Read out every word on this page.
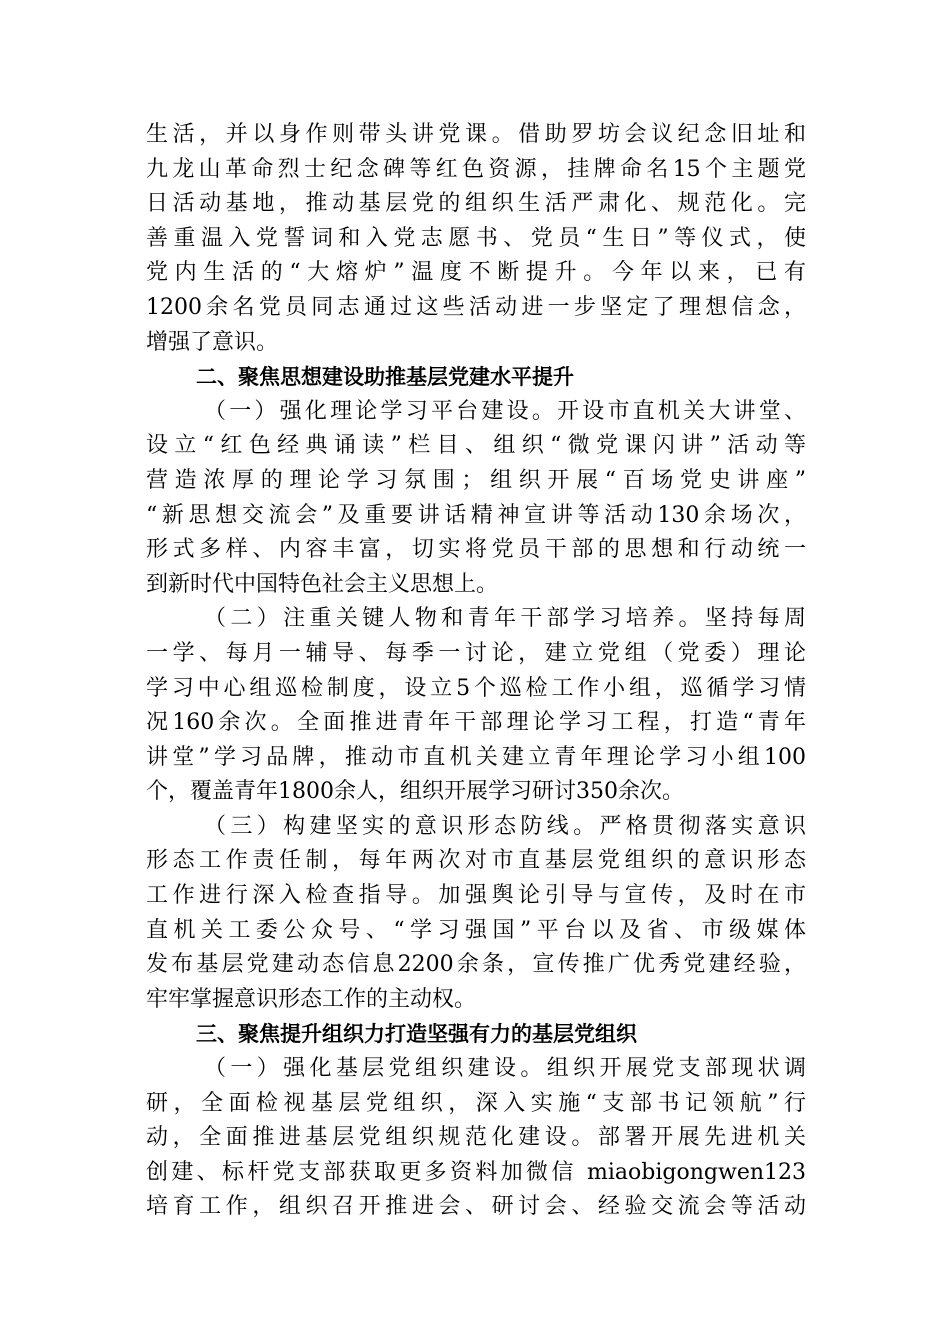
生活，并以身作则带头讲党课。借助罗坊会议纪念旧址和
九龙山革命烈士纪念碑等红色资源，挂牌命名15个主题党
日活动基地，推动基层党的组织生活严肃化、规范化。完
善重温入党誓词和入党志愿书、党员“生日”等仪式，使
党内生活的“大熔炉”温度不断提升。今年以来，已有
1200余名党员同志通过这些活动进一步坚定了理想信念，
增强了意识。
二、聚焦思想建设助推基层党建水平提升
（一）强化理论学习平台建设。开设市直机关大讲堂、
设立“红色经典诵读”栏目、组织“微党课闪讲”活动等
营造浓厚的理论学习氛围；组织开展“百场党史讲座”
“新思想交流会”及重要讲话精神宣讲等活动130余场次，
形式多样、内容丰富，切实将党员干部的思想和行动统一
到新时代中国特色社会主义思想上。
（二）注重关键人物和青年干部学习培养。坚持每周
一学、每月一辅导、每季一讨论，建立党组（党委）理论
学习中心组巡检制度，设立5个巡检工作小组，巡循学习情
况160余次。全面推进青年干部理论学习工程，打造“青年
讲堂”学习品牌，推动市直机关建立青年理论学习小组100
个，覆盖青年1800余人，组织开展学习研讨350余次。
（三）构建坚实的意识形态防线。严格贯彻落实意识
形态工作责任制，每年两次对市直基层党组织的意识形态
工作进行深入检查指导。加强舆论引导与宣传，及时在市
直机关工委公众号、“学习强国”平台以及省、市级媒体
发布基层党建动态信息2200余条，宣传推广优秀党建经验，
牢牢掌握意识形态工作的主动权。
三、聚焦提升组织力打造坚强有力的基层党组织
（一）强化基层党组织建设。组织开展党支部现状调
研，全面检视基层党组织，深入实施“支部书记领航”行
动，全面推进基层党组织规范化建设。部署开展先进机关
创建、标杆党支部获取更多资料加微信 miaobigongwen123
培育工作，组织召开推进会、研讨会、经验交流会等活动
